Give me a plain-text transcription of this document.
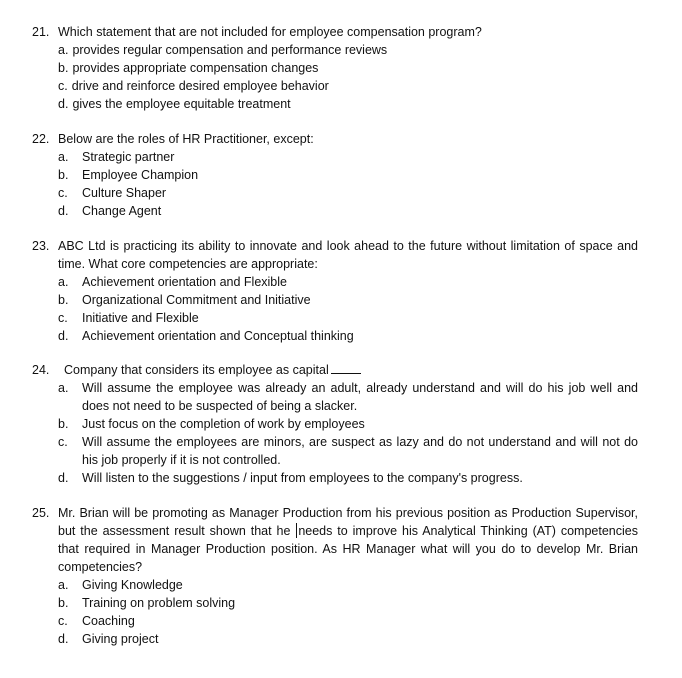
21. Which statement that are not included for employee compensation program?
a. provides regular compensation and performance reviews
b. provides appropriate compensation changes
c. drive and reinforce desired employee behavior
d. gives the employee equitable treatment
22. Below are the roles of HR Practitioner, except:
a.	Strategic partner
b.	Employee Champion
c.	Culture Shaper
d.	Change Agent
23. ABC Ltd is practicing its ability to innovate and look ahead to the future without limitation of space and time. What core competencies are appropriate:
a.	Achievement orientation and Flexible
b.	Organizational Commitment and Initiative
c.	Initiative and Flexible
d.	Achievement orientation and Conceptual thinking
24.	Company that considers its employee as capital
a.	Will assume the employee was already an adult, already understand and will do his job well and does not need to be suspected of being a slacker.
b.	Just focus on the completion of work by employees
c.	Will assume the employees are minors, are suspect as lazy and do not understand and will not do his job properly if it is not controlled.
d.	Will listen to the suggestions / input from employees to the company's progress.
25. Mr. Brian will be promoting as Manager Production from his previous position as Production Supervisor, but the assessment result shown that he needs to improve his Analytical Thinking (AT) competencies that required in Manager Production position. As HR Manager what will you do to develop Mr. Brian competencies?
a.	Giving Knowledge
b.	Training on problem solving
c.	Coaching
d.	Giving project
